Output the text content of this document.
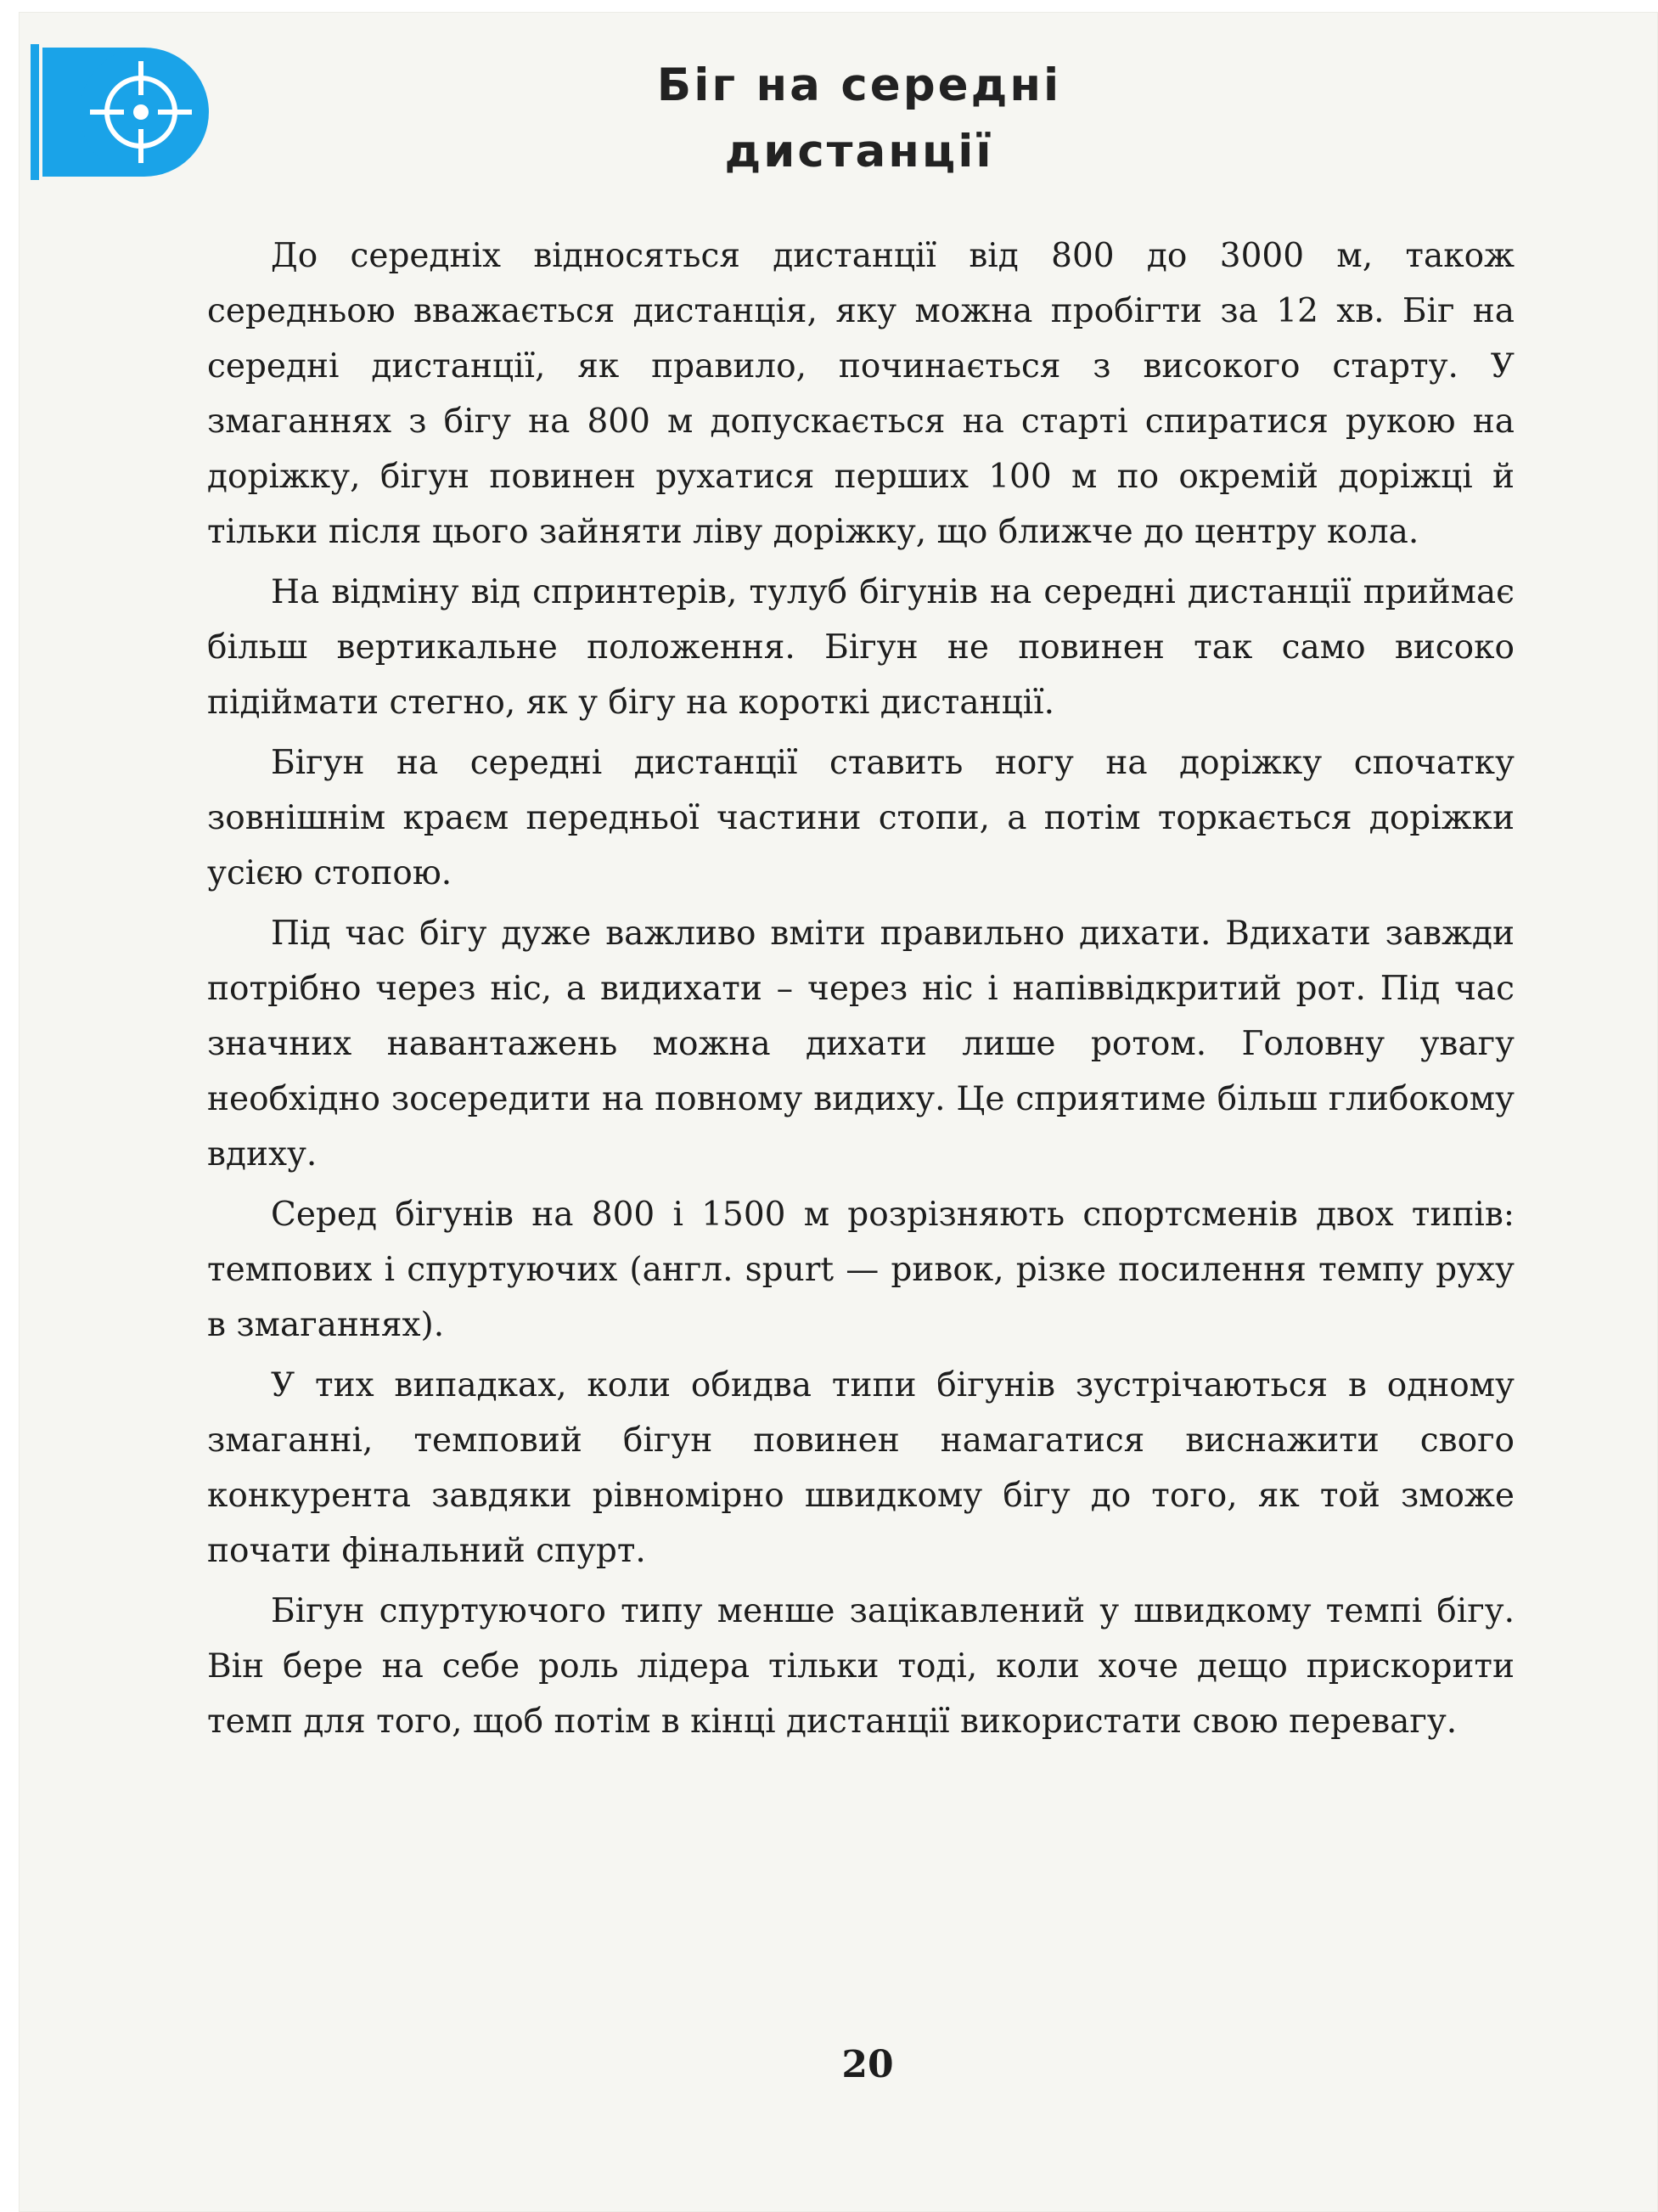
Біг на середні
дистанції

До середніх відносяться дистанції від 800 до 3000 м, також середньою вважається дистанція, яку можна пробігти за 12 хв. Біг на середні дистанції, як правило, починається з високого старту. У змаганнях з бігу на 800 м допускається на старті спиратися рукою на доріжку, бігун повинен рухатися перших 100 м по окремій доріжці й тільки після цього зайняти ліву доріжку, що ближче до центру кола.

На відміну від спринтерів, тулуб бігунів на середні дистанції приймає більш вертикальне положення. Бігун не повинен так само високо підіймати стегно, як у бігу на короткі дистанції.

Бігун на середні дистанції ставить ногу на доріжку спочатку зовнішнім краєм передньої частини стопи, а потім торкається доріжки усією стопою.

Під час бігу дуже важливо вміти правильно дихати. Вдихати завжди потрібно через ніс, а видихати – через ніс і напіввідкритий рот. Під час значних навантажень можна дихати лише ротом. Головну увагу необхідно зосередити на повному видиху. Це сприятиме більш глибокому вдиху.

Серед бігунів на 800 і 1500 м розрізняють спортсменів двох типів: темпових і спуртуючих (англ. spurt — ривок, різке посилення темпу руху в змаганнях).

У тих випадках, коли обидва типи бігунів зустрічаються в одному змаганні, темповий бігун повинен намагатися виснажити свого конкурента завдяки рівномірно швидкому бігу до того, як той зможе почати фінальний спурт.

Бігун спуртуючого типу менше зацікавлений у швидкому темпі бігу. Він бере на себе роль лідера тільки тоді, коли хоче дещо прискорити темп для того, щоб потім в кінці дистанції використати свою перевагу.

20
